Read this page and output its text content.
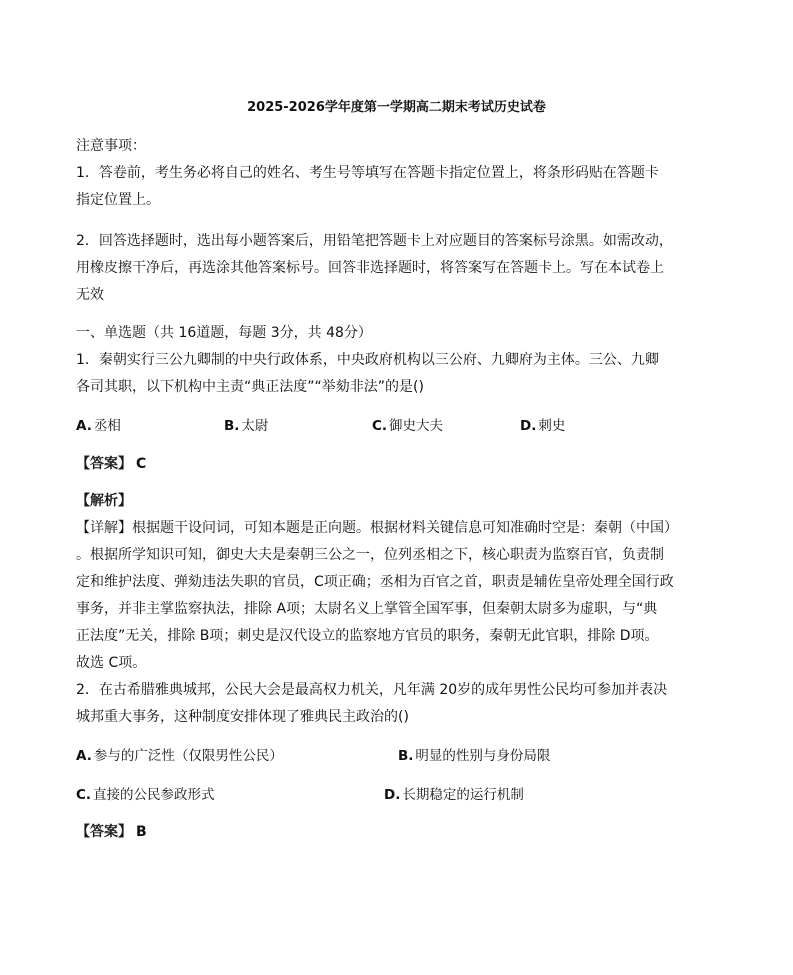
2025-2026学年度第一学期高二期末考试历史试卷
注意事项：
1．答卷前，考生务必将自己的姓名、考生号等填写在答题卡指定位置上，将条形码贴在答题卡
指定位置上。
2．回答选择题时，选出每小题答案后，用铅笔把答题卡上对应题目的答案标号涂黑。如需改动，
用橡皮擦干净后，再选涂其他答案标号。回答非选择题时，将答案写在答题卡上。写在本试卷上
无效
一、单选题（共 16道题，每题 3分，共 48分）
1．秦朝实行三公九卿制的中央行政体系，中央政府机构以三公府、九卿府为主体。三公、九卿
各司其职，以下机构中主责“典正法度”“举劾非法”的是()
A. 丞相	B. 太尉	C. 御史大夫	D. 刺史
【答案】 C
【解析】
【详解】根据题干设问词，可知本题是正向题。根据材料关键信息可知准确时空是：秦朝（中国）
。根据所学知识可知，御史大夫是秦朝三公之一，位列丞相之下，核心职责为监察百官，负责制
定和维护法度、弹劾违法失职的官员，C项正确；丞相为百官之首，职责是辅佐皇帝处理全国行政
事务，并非主掌监察执法，排除 A项；太尉名义上掌管全国军事，但秦朝太尉多为虚职，与“典
正法度”无关，排除 B项；刺史是汉代设立的监察地方官员的职务，秦朝无此官职，排除 D项。
故选 C项。
2．在古希腊雅典城邦，公民大会是最高权力机关，凡年满 20岁的成年男性公民均可参加并表决
城邦重大事务，这种制度安排体现了雅典民主政治的()
A. 参与的广泛性（仅限男性公民）	B. 明显的性别与身份局限
C. 直接的公民参政形式	D. 长期稳定的运行机制
【答案】 B
